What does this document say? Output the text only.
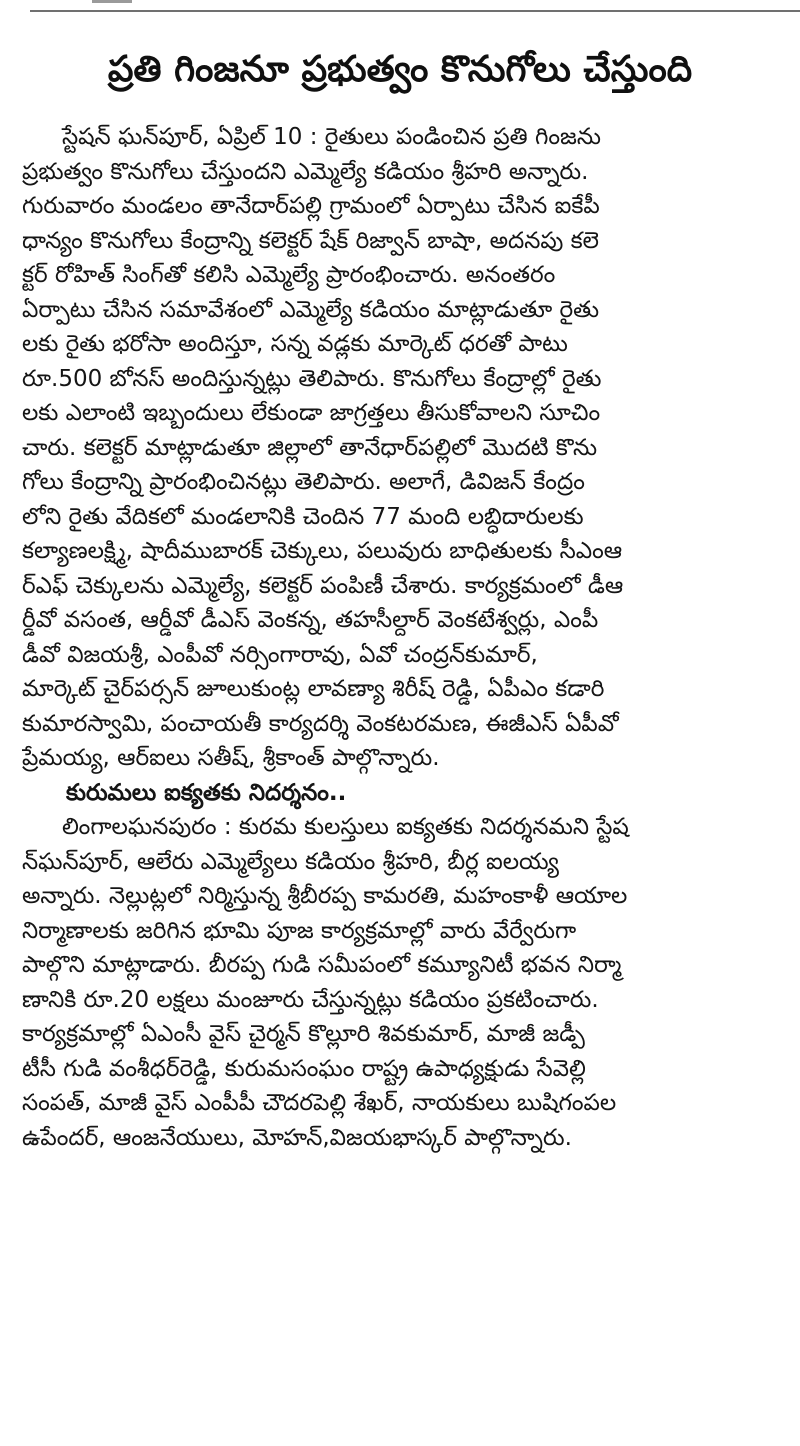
ప్రతి గింజనూ ప్రభుత్వం కొనుగోలు చేస్తుంది
స్టేషన్ ఘన్‌పూర్, ఏప్రిల్ 10 : రైతులు పండించిన ప్రతి గింజను
ప్రభుత్వం కొనుగోలు చేస్తుందని ఎమ్మెల్యే కడియం శ్రీహరి అన్నారు.
గురువారం మండలం తానేదార్‌పల్లి గ్రామంలో ఏర్పాటు చేసిన ఐకేపీ
ధాన్యం కొనుగోలు కేంద్రాన్ని కలెక్టర్ షేక్ రిజ్వాన్ బాషా, అదనపు కలె
క్టర్ రోహిత్ సింగ్‌తో కలిసి ఎమ్మెల్యే ప్రారంభించారు. అనంతరం
ఏర్పాటు చేసిన సమావేశంలో ఎమ్మెల్యే కడియం మాట్లాడుతూ రైతు
లకు రైతు భరోసా అందిస్తూ, సన్న వడ్లకు మార్కెట్ ధరతో పాటు
రూ.500 బోనస్ అందిస్తున్నట్లు తెలిపారు. కొనుగోలు కేంద్రాల్లో రైతు
లకు ఎలాంటి ఇబ్బందులు లేకుండా జాగ్రత్తలు తీసుకోవాలని సూచిం
చారు. కలెక్టర్ మాట్లాడుతూ జిల్లాలో తానేధార్‌పల్లిలో మొదటి కొను
గోలు కేంద్రాన్ని ప్రారంభించినట్లు తెలిపారు. అలాగే, డివిజన్ కేంద్రం
లోని రైతు వేదికలో మండలానికి చెందిన 77 మంది లబ్ధిదారులకు
కల్యాణలక్ష్మి, షాదీముబారక్ చెక్కులు, పలువురు బాధితులకు సీఎంఆ
ర్‌ఎఫ్ చెక్కులను ఎమ్మెల్యే, కలెక్టర్ పంపిణీ చేశారు. కార్యక్రమంలో డీఆ
ర్డీవో వసంత, ఆర్డీవో డీఎస్ వెంకన్న, తహసీల్దార్ వెంకటేశ్వర్లు, ఎంపీ
డీవో విజయశ్రీ, ఎంపీవో నర్సింగారావు, ఏవో చంద్రన్‌కుమార్,
మార్కెట్ చైర్‌పర్సన్ జూలుకుంట్ల లావణ్యా శిరీష్ రెడ్డి, ఏపీఎం కడారి
కుమారస్వామి, పంచాయతీ కార్యదర్శి వెంకటరమణ, ఈజీఎస్ ఏపీవో
ప్రేమయ్య, ఆర్‌ఐలు సతీష్, శ్రీకాంత్ పాల్గొన్నారు.
కురుమలు ఐక్యతకు నిదర్శనం..
లింగాలఘనపురం : కురమ కులస్తులు ఐక్యతకు నిదర్శనమని స్టేష
న్‌ఘన్‌పూర్, ఆలేరు ఎమ్మెల్యేలు కడియం శ్రీహరి, బీర్ల ఐలయ్య
అన్నారు. నెల్లుట్లలో నిర్మిస్తున్న శ్రీబీరప్ప కామరతి, మహంకాళీ ఆయాల
నిర్మాణాలకు జరిగిన భూమి పూజ కార్యక్రమాల్లో వారు వేర్వేరుగా
పాల్గొని మాట్లాడారు. బీరప్ప గుడి సమీపంలో కమ్యూనిటీ భవన నిర్మా
ణానికి రూ.20 లక్షలు మంజూరు చేస్తున్నట్లు కడియం ప్రకటించారు.
కార్యక్రమాల్లో ఏఎంసీ వైస్ చైర్మన్ కొల్లూరి శివకుమార్, మాజీ జడ్పీ
టీసీ గుడి వంశీధర్‌రెడ్డి, కురుమసంఘం రాష్ట్ర ఉపాధ్యక్షుడు సేవెల్లి
సంపత్, మాజీ వైస్ ఎంపీపీ చౌదరపెల్లి శేఖర్, నాయకులు బుషిగంపల
ఉపేందర్, ఆంజనేయులు, మోహన్,విజయభాస్కర్ పాల్గొన్నారు.
